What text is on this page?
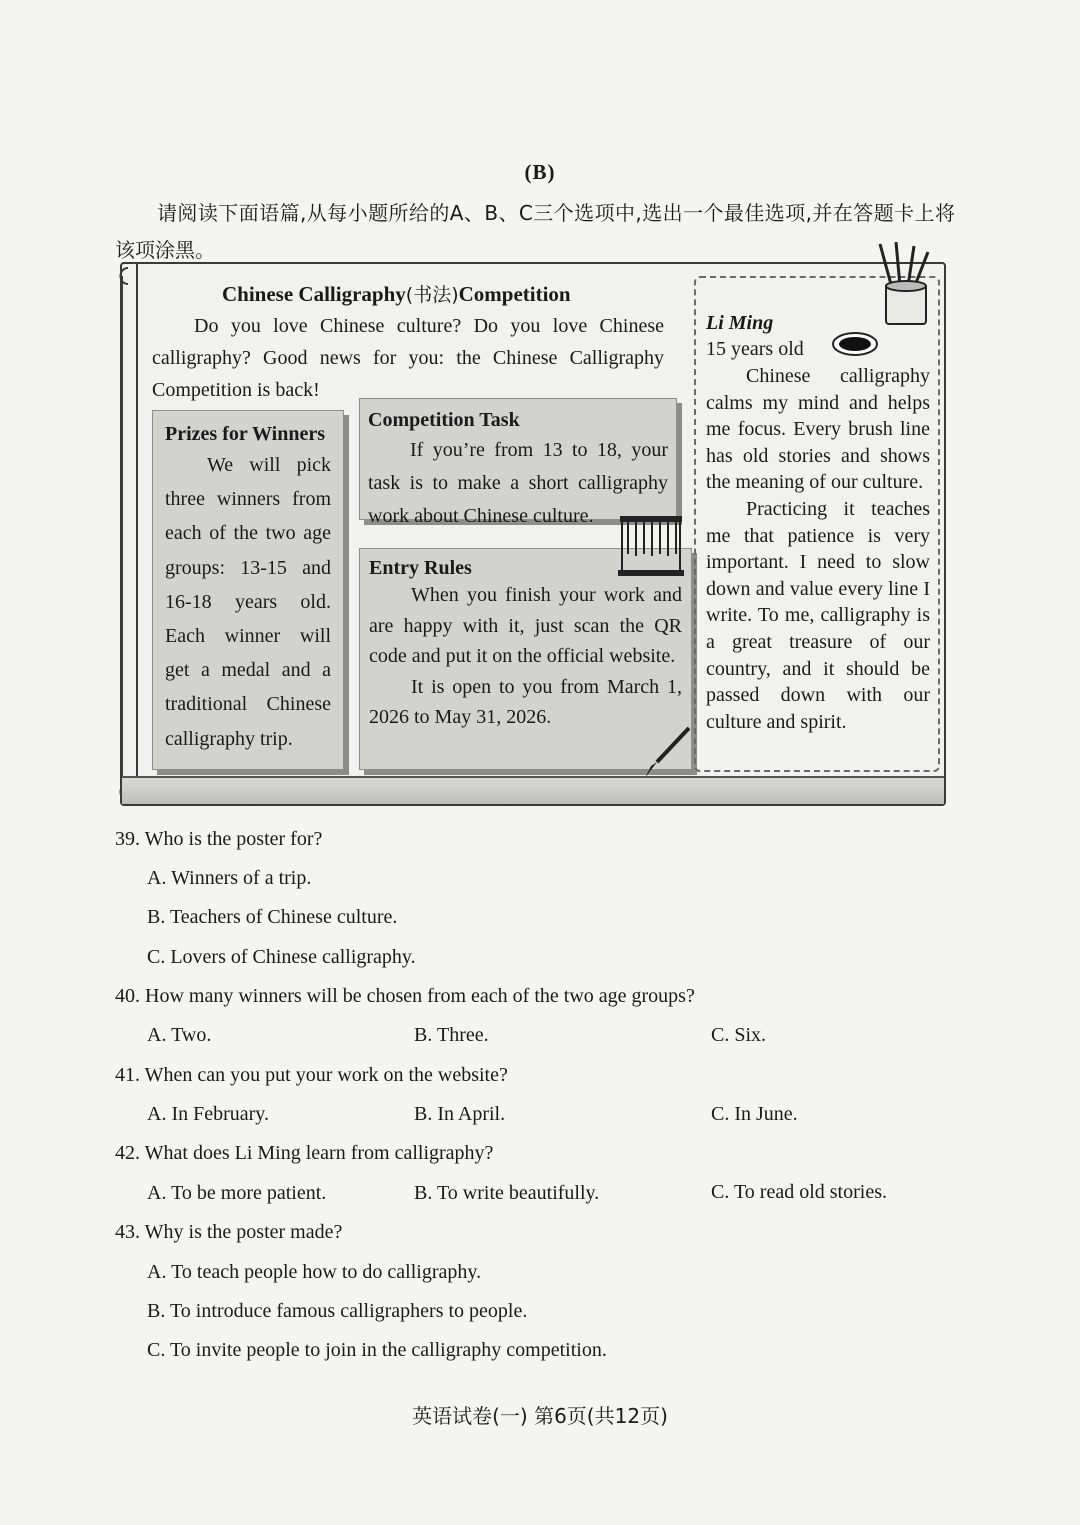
(B)
请阅读下面语篇,从每小题所给的A、B、C三个选项中,选出一个最佳选项,并在答题卡上将该项涂黑。
Chinese Calligraphy(书法)Competition
Do you love Chinese culture? Do you love Chinese calligraphy? Good news for you: the Chinese Calligraphy Competition is back!
Prizes for Winners

We will pick three winners from each of the two age groups: 13-15 and 16-18 years old. Each winner will get a medal and a traditional Chinese calligraphy trip.

Competition Task

If you’re from 13 to 18, your task is to make a short calligraphy work about Chinese culture.

Entry Rules

When you finish your work and are happy with it, just scan the QR code and put it on the official website.

It is open to you from March 1, 2026 to May 31, 2026.

Li Ming
15 years old

Chinese calligraphy calms my mind and helps me focus. Every brush line has old stories and shows the meaning of our culture.

Practicing it teaches me that patience is very important. I need to slow down and value every line I write. To me, calligraphy is a great treasure of our country, and it should be passed down with our culture and spirit.

39. Who is the poster for?
A. Winners of a trip.
B. Teachers of Chinese culture.
C. Lovers of Chinese calligraphy.
40. How many winners will be chosen from each of the two age groups?
A. Two.	B. Three.	C. Six.
41. When can you put your work on the website?
A. In February.	B. In April.	C. In June.
42. What does Li Ming learn from calligraphy?
A. To be more patient.	B. To write beautifully.	C. To read old stories.
43. Why is the poster made?
A. To teach people how to do calligraphy.
B. To introduce famous calligraphers to people.
C. To invite people to join in the calligraphy competition.
英语试卷(一) 第6页(共12页)
